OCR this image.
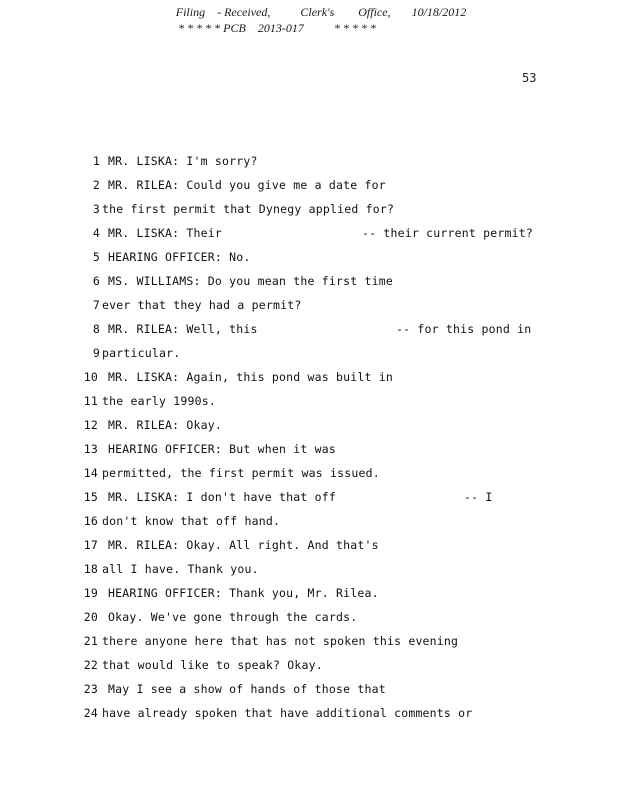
Filing    - Received,          Clerk's        Office,       10/18/2012
* * * * * PCB    2013-017          * * * * *
53
1 MR. LISKA: I'm sorry?
2 MR. RILEA: Could you give me a date for
3 the first permit that Dynegy applied for?
4 MR. LISKA: Their	-- their current permit?
5 HEARING OFFICER: No.
6 MS. WILLIAMS: Do you mean the first time
7 ever that they had a permit?
8 MR. RILEA: Well, this	-- for this pond in
9 particular.
10 MR. LISKA: Again, this pond was built in
11 the early 1990s.
12 MR. RILEA: Okay.
13 HEARING OFFICER: But when it was
14 permitted, the first permit was issued.
15 MR. LISKA: I don't have that off	-- I
16 don't know that off hand.
17 MR. RILEA: Okay. All right. And that's
18 all I have. Thank you.
19 HEARING OFFICER: Thank you, Mr. Rilea.
20 Okay. We've gone through the cards.
21 there anyone here that has not spoken this evening
22 that would like to speak? Okay.
23 May I see a show of hands of those that
24 have already spoken that have additional comments or
